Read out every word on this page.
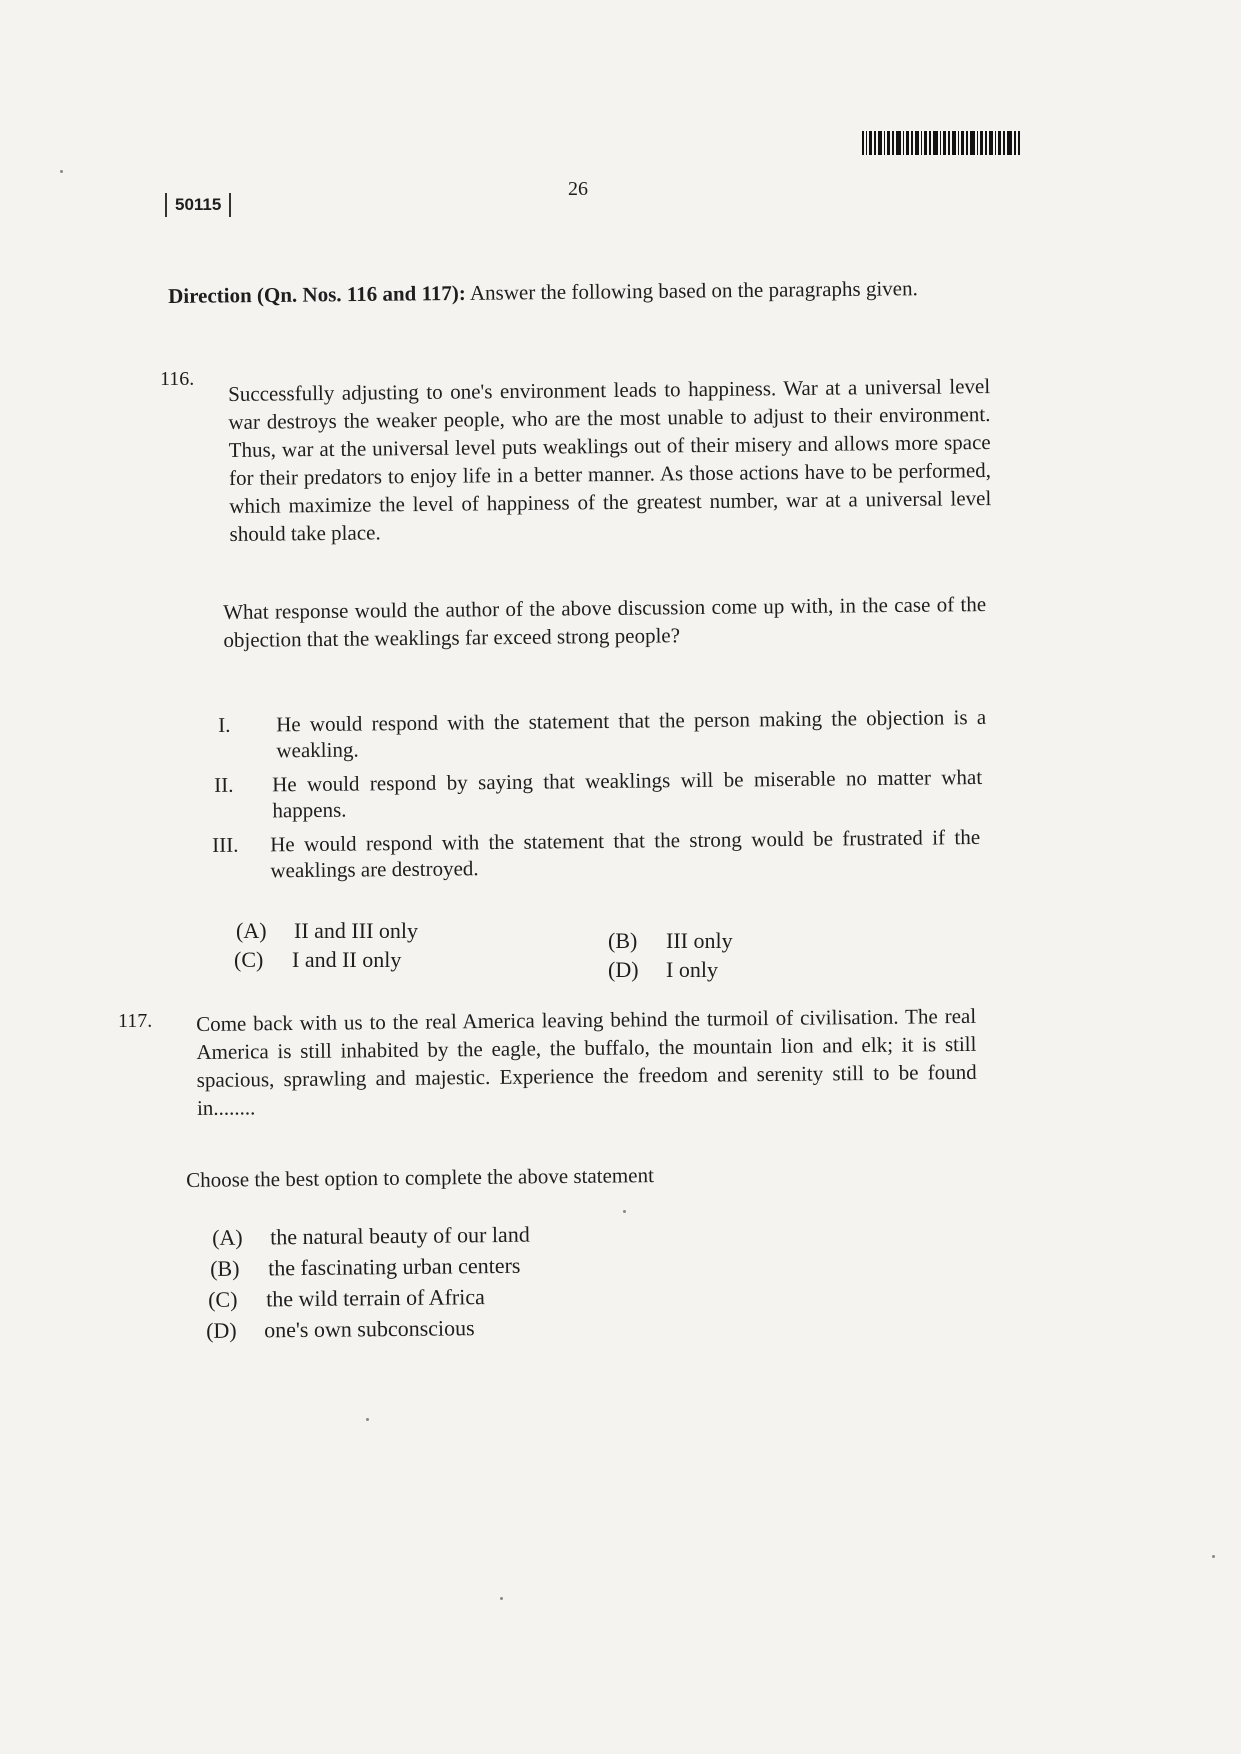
50115
26
Direction (Qn. Nos. 116 and 117): Answer the following based on the paragraphs given.
116. Successfully adjusting to one's environment leads to happiness. War at a universal level war destroys the weaker people, who are the most unable to adjust to their environment. Thus, war at the universal level puts weaklings out of their misery and allows more space for their predators to enjoy life in a better manner. As those actions have to be performed, which maximize the level of happiness of the greatest number, war at a universal level should take place.
What response would the author of the above discussion come up with, in the case of the objection that the weaklings far exceed strong people?
I. He would respond with the statement that the person making the objection is a weakling.
II. He would respond by saying that weaklings will be miserable no matter what happens.
III. He would respond with the statement that the strong would be frustrated if the weaklings are destroyed.
(A) II and III only	(B) III only
(C) I and II only	(D) I only
117. Come back with us to the real America leaving behind the turmoil of civilisation. The real America is still inhabited by the eagle, the buffalo, the mountain lion and elk; it is still spacious, sprawling and majestic. Experience the freedom and serenity still to be found in........
Choose the best option to complete the above statement
(A) the natural beauty of our land
(B) the fascinating urban centers
(C) the wild terrain of Africa
(D) one's own subconscious
